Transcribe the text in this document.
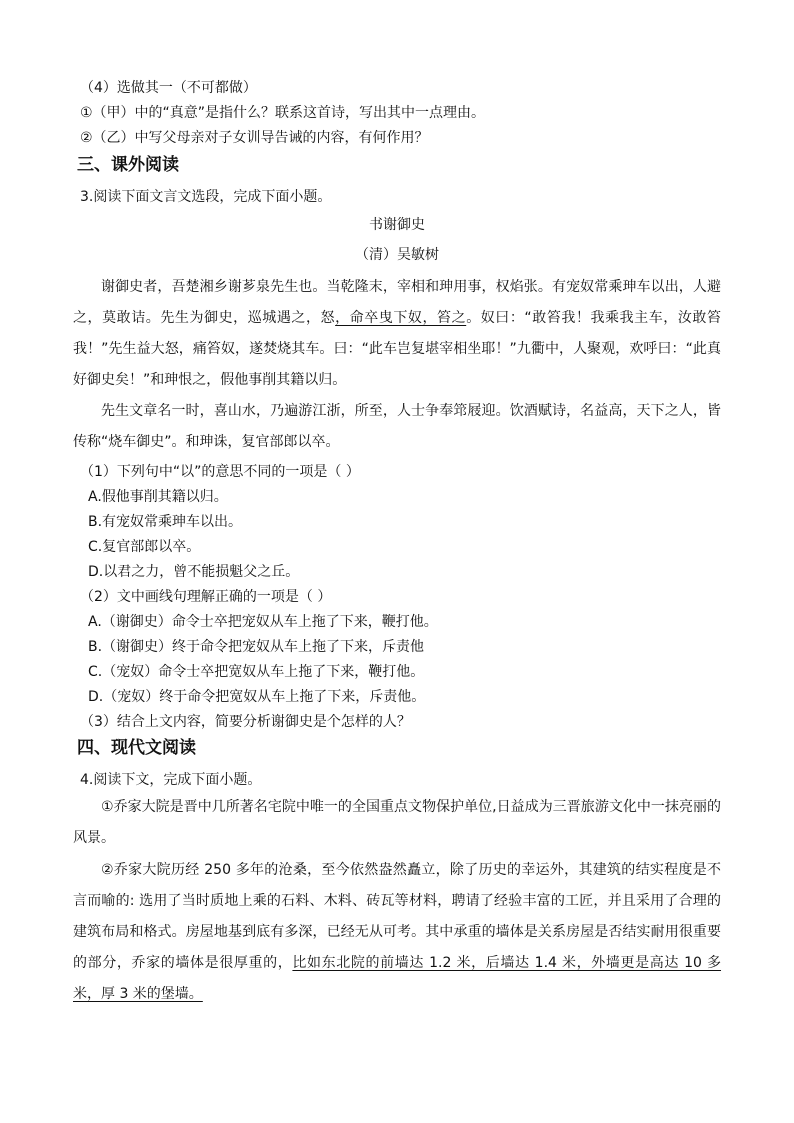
（4）选做其一（不可都做）
①（甲）中的“真意”是指什么？联系这首诗，写出其中一点理由。
②（乙）中写父母亲对子女训导告诫的内容，有何作用？
三、课外阅读
3.阅读下面文言文选段，完成下面小题。
书谢御史
（清）吴敏树
谢御史者，吾楚湘乡谢芗泉先生也。当乾隆末，宰相和珅用事，权焰张。有宠奴常乘珅车以出，人避之，莫敢诘。先生为御史，巡城遇之，怒，命卒曳下奴，笞之。奴曰：“敢笞我！我乘我主车，汝敢笞我！”先生益大怒，痛笞奴，遂焚烧其车。曰：“此车岂复堪宰相坐耶！”九衢中，人聚观，欢呼曰：“此真好御史矣！”和珅恨之，假他事削其籍以归。
先生文章名一时，喜山水，乃遍游江浙，所至，人士争奉筇屐迎。饮酒赋诗，名益高，天下之人，皆传称“烧车御史”。和珅诛，复官部郎以卒。
（1）下列句中“以”的意思不同的一项是（ ）
A.假他事削其籍以归。
B.有宠奴常乘珅车以出。
C.复官部郎以卒。
D.以君之力，曾不能损魁父之丘。
（2）文中画线句理解正确的一项是（ ）
A.（谢御史）命令士卒把宠奴从车上拖了下来，鞭打他。
B.（谢御史）终于命令把宠奴从车上拖了下来，斥责他
C.（宠奴）命令士卒把宽奴从车上拖了下来，鞭打他。
D.（宠奴）终于命令把宽奴从车上拖了下来，斥责他。
（3）结合上文内容，简要分析谢御史是个怎样的人？
四、现代文阅读
4.阅读下文，完成下面小题。
①乔家大院是晋中几所著名宅院中唯一的全国重点文物保护单位,日益成为三晋旅游文化中一抹亮丽的风景。
②乔家大院历经 250 多年的沧桑，至今依然盎然矗立，除了历史的幸运外，其建筑的结实程度是不言而喻的: 选用了当时质地上乘的石料、木料、砖瓦等材料，聘请了经验丰富的工匠，并且采用了合理的建筑布局和格式。房屋地基到底有多深，已经无从可考。其中承重的墙体是关系房屋是否结实耐用很重要的部分，乔家的墙体是很厚重的，比如东北院的前墙达 1.2 米，后墙达 1.4 米，外墙更是高达 10 多米，厚 3 米的堡墙。
